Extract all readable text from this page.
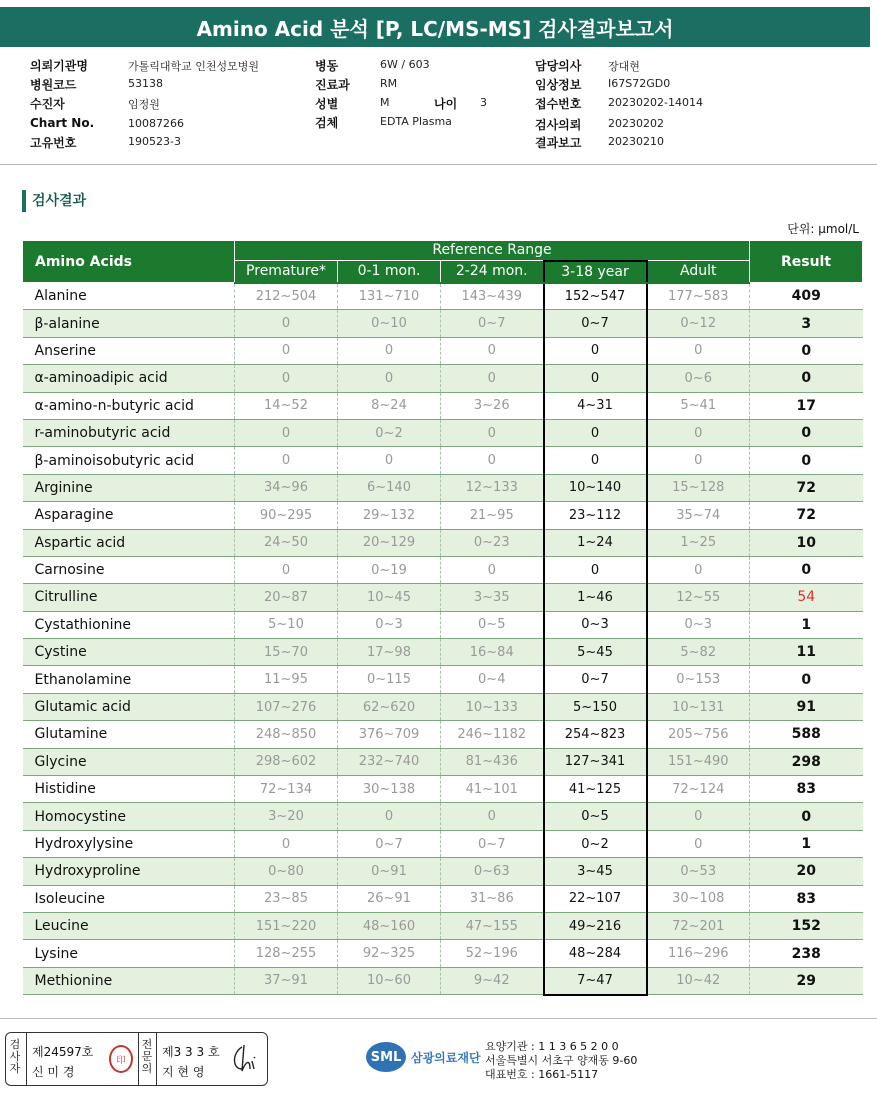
Amino Acid 분석 [P, LC/MS-MS] 검사결과보고서
의뢰기관명	가톨릭대학교 인천성모병원
병원코드	53138
수진자	임정원
Chart No.	10087266
고유번호	190523-3
병동	6W / 603
진료과	RM
성별	M	나이 3
검체	EDTA Plasma
담당의사 장대현
임상정보 I67S72GD0
접수번호 20230202-14014
검사의뢰 20230202
결과보고 20230210
검사결과
단위: μmol/L
Amino Acids	Reference Range					Result
	Premature*	0-1 mon.	2-24 mon.	3-18 year	Adult	
Alanine	212~504	131~710	143~439	152~547	177~583	409
β-alanine	0	0~10	0~7	0~7	0~12	3
Anserine	0	0	0	0	0	0
α-aminoadipic acid	0	0	0	0	0~6	0
α-amino-n-butyric acid	14~52	8~24	3~26	4~31	5~41	17
r-aminobutyric acid	0	0~2	0	0	0	0
β-aminoisobutyric acid	0	0	0	0	0	0
Arginine	34~96	6~140	12~133	10~140	15~128	72
Asparagine	90~295	29~132	21~95	23~112	35~74	72
Aspartic acid	24~50	20~129	0~23	1~24	1~25	10
Carnosine	0	0~19	0	0	0	0
Citrulline	20~87	10~45	3~35	1~46	12~55	54
Cystathionine	5~10	0~3	0~5	0~3	0~3	1
Cystine	15~70	17~98	16~84	5~45	5~82	11
Ethanolamine	11~95	0~115	0~4	0~7	0~153	0
Glutamic acid	107~276	62~620	10~133	5~150	10~131	91
Glutamine	248~850	376~709	246~1182	254~823	205~756	588
Glycine	298~602	232~740	81~436	127~341	151~490	298
Histidine	72~134	30~138	41~101	41~125	72~124	83
Homocystine	3~20	0	0	0~5	0	0
Hydroxylysine	0	0~7	0~7	0~2	0	1
Hydroxyproline	0~80	0~91	0~63	3~45	0~53	20
Isoleucine	23~85	26~91	31~86	22~107	30~108	83
Leucine	151~220	48~160	47~155	49~216	72~201	152
Lysine	128~255	92~325	52~196	48~284	116~296	238
Methionine	37~91	10~60	9~42	7~47	10~42	29
검사자
제24597호
신 미 경
印
전문의
제3 3 3 호
지 현 영
SML 삼광의료재단
요양기관 : 1 1 3 6 5 2 0 0
서울특별시 서초구 양재동 9-60
대표번호 : 1661-5117
